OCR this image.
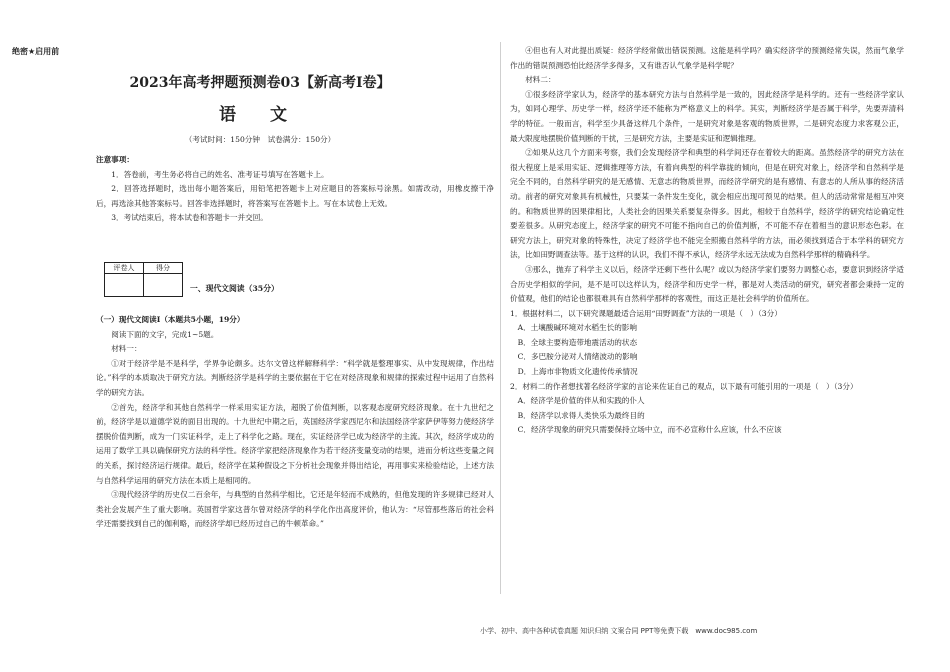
绝密★启用前
2023年高考押题预测卷03【新高考I卷】
语 文
（考试时间：150分钟　试卷满分：150分）

注意事项：

1．答卷前，考生务必将自己的姓名、准考证号填写在答题卡上。

2．回答选择题时，选出每小题答案后，用铅笔把答题卡上对应题目的答案标号涂黑。如需改动，用橡皮擦干净后，再选涂其他答案标号。回答非选择题时，将答案写在答题卡上。写在本试卷上无效。

3．考试结束后，将本试卷和答题卡一并交回。

评卷人	得分

一、现代文阅读（35分）

（一）现代文阅读Ⅰ（本题共5小题，19分）

阅读下面的文字，完成1~5题。

材料一：

①对于经济学是不是科学，学界争论颇多。达尔文曾这样解释科学：“科学就是整理事实、从中发现规律，作出结论。”科学的本质取决于研究方法。判断经济学是科学的主要依据在于它在对经济现象和规律的探索过程中运用了自然科学的研究方法。

②首先，经济学和其他自然科学一样采用实证方法，超脱了价值判断，以客观态度研究经济现象。在十九世纪之前，经济学是以道德学说的面目出现的。十九世纪中期之后，英国经济学家西尼尔和法国经济学家萨伊等努力使经济学摆脱价值判断，成为一门实证科学，走上了科学化之路。现在，实证经济学已成为经济学的主流。其次，经济学成功的运用了数学工具以确保研究方法的科学性。经济学家把经济现象作为若干经济变量变动的结果，进而分析这些变量之间的关系，探讨经济运行规律。最后，经济学在某种假设之下分析社会现象并得出结论，再用事实来检验结论，上述方法与自然科学运用的研究方法在本质上是相同的。

③现代经济学的历史仅二百余年，与典型的自然科学相比，它还是年轻而不成熟的，但他发现的许多规律已经对人类社会发展产生了重大影响。英国哲学家这普尔曾对经济学的科学化作出高度评价，他认为：“尽管那些落后的社会科学还需要找到自己的伽利略，而经济学却已经历过自己的牛顿革命。”

④但也有人对此提出质疑：经济学经常做出错误预测。这能是科学吗？确实经济学的预测经常失误，然而气象学作出的错误预测恐怕比经济学多得多，又有谁否认气象学是科学呢？

材料二：

①很多经济学家认为，经济学的基本研究方法与自然科学是一致的，因此经济学是科学的。还有一些经济学家认为，如同心理学、历史学一样，经济学还不能称为严格意义上的科学。其实，判断经济学是否属于科学，先要弄清科学的特征。一般而言，科学至少具备这样几个条件，一是研究对象是客观的物质世界，二是研究态度力求客观公正，最大限度地摆脱价值判断的干扰，三是研究方法，主要是实证和逻辑推理。

②如果从这几个方面来考察，我们会发现经济学和典型的科学间还存在着较大的距离。虽然经济学的研究方法在很大程度上是采用实证、逻辑推理等方法，有着向典型的科学靠拢的倾向，但是在研究对象上，经济学和自然科学是完全不同的，自然科学研究的是无感情、无意志的物质世界，而经济学研究的是有感情、有意志的人所从事的经济活动。前者的研究对象具有机械性，只要某一条件发生变化，就会相应出现可预见的结果。但人的活动常常是相互冲突的。和物质世界的因果律相比，人类社会的因果关系要复杂得多。因此，相较于自然科学，经济学的研究结论确定性要差很多。从研究态度上，经济学家的研究不可能不指向自己的价值判断，不可能不存在着相当的意识形态色彩。在研究方法上，研究对象的特殊性，决定了经济学也不能完全照搬自然科学的方法，而必须找到适合于本学科的研究方法，比如田野调查法等。基于这样的认识，我们不得不承认，经济学永远无法成为自然科学那样的精确科学。

③那么，抛弃了科学主义以后，经济学还剩下些什么呢？或以为经济学家们要努力调整心态，要意识到经济学适合历史学相似的学问，是不是可以这样认为，经济学和历史学一样，都是对人类活动的研究，研究者都会秉持一定的价值观，他们的结论也都很难具有自然科学那样的客观性，而这正是社会科学的价值所在。

1．根据材料二，以下研究课题最适合运用“田野调查”方法的一项是（　）（3分）

A．土壤酸碱环境对水稻生长的影响

B．全球主要构造带地震活动的状态

C．多巴胺分泌对人情绪波动的影响

D．上海市非物质文化遗传传承情况

2．材料二的作者想找著名经济学家的言论来佐证自己的观点，以下最有可能引用的一项是（　）（3分）

A．经济学是价值的伴从和实践的仆人

B．经济学以求得人类快乐为最终目的

C．经济学现象的研究只需要保持立场中立，而不必宣称什么应该，什么不应该

小学、初中、高中各种试卷真题 知识归纳 文案合同 PPT等免费下载　www.doc985.com
